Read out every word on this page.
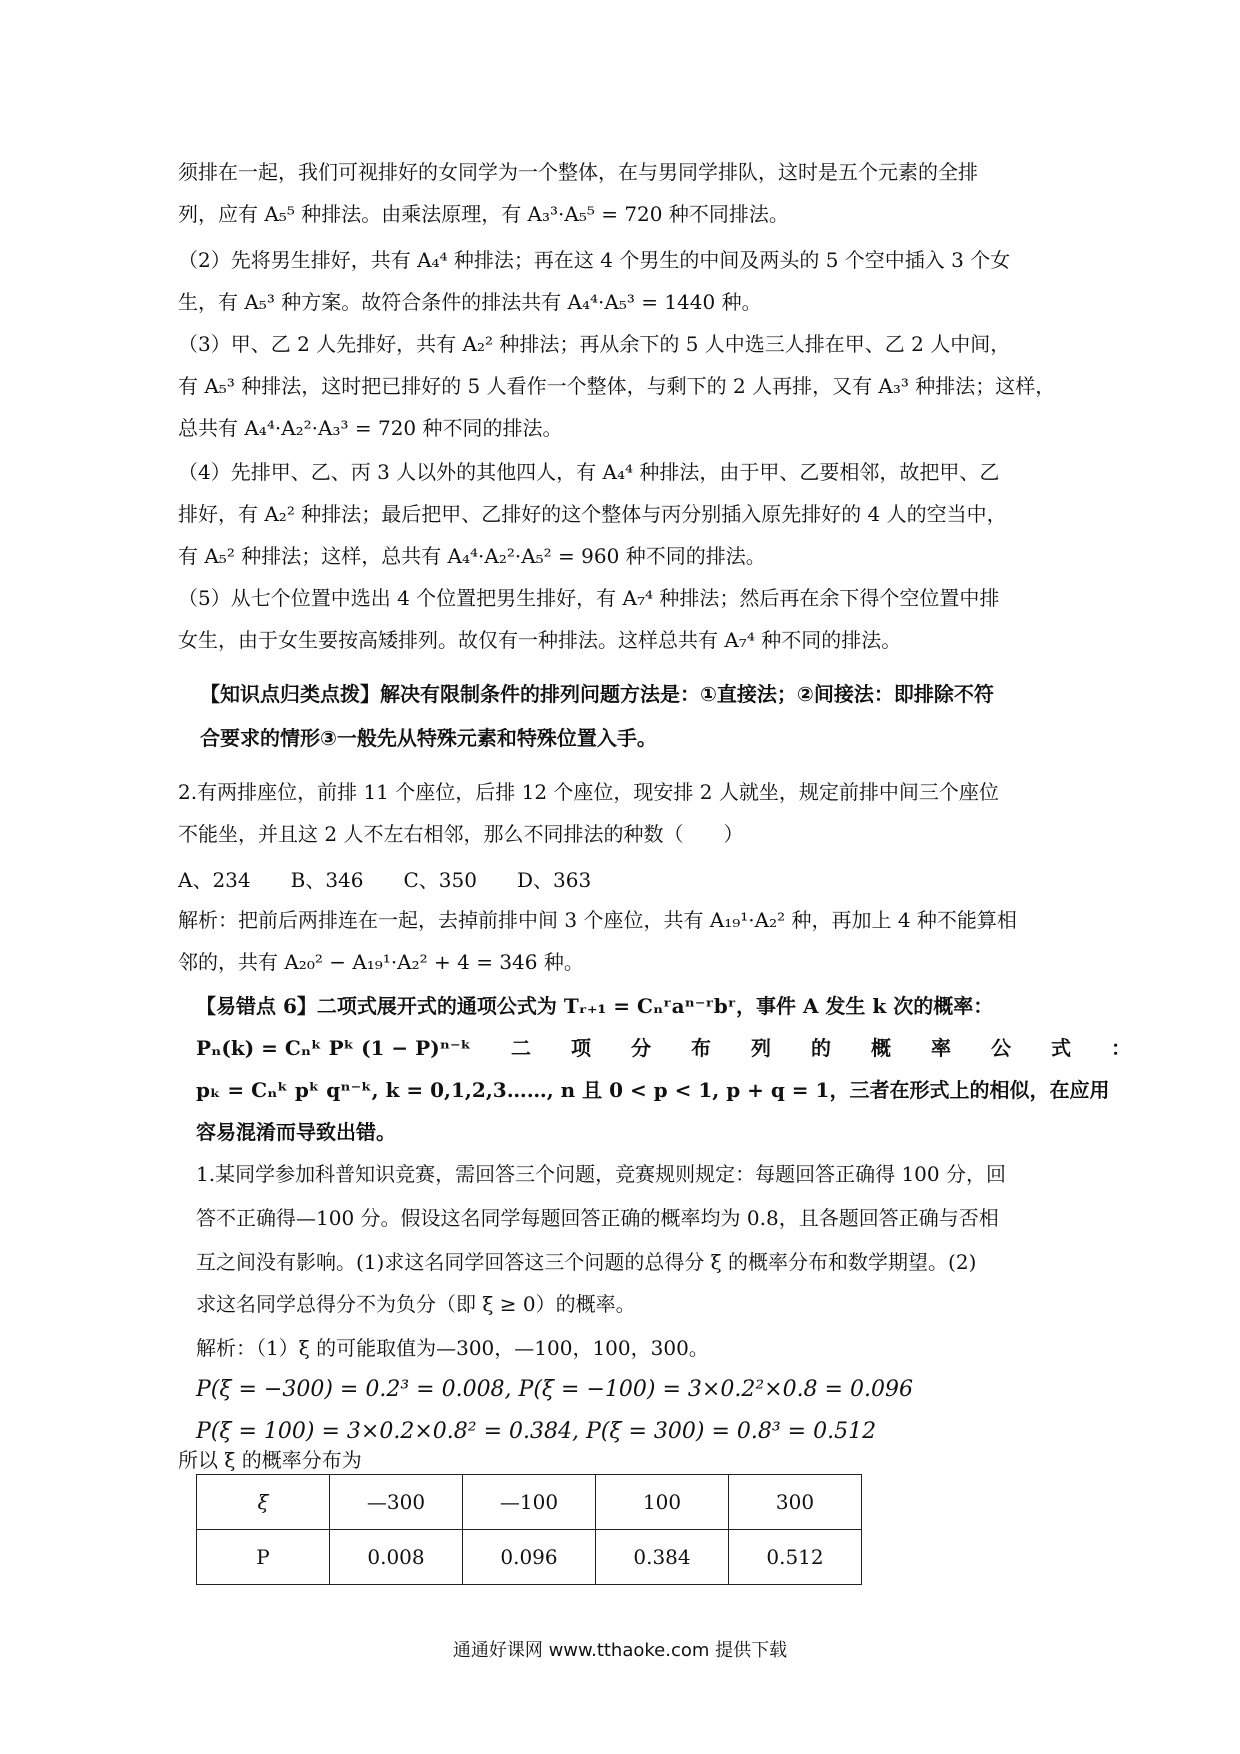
须排在一起，我们可视排好的女同学为一个整体，在与男同学排队，这时是五个元素的全排
列，应有 A₅⁵ 种排法。由乘法原理，有 A₃³·A₅⁵ = 720 种不同排法。
（2）先将男生排好，共有 A₄⁴ 种排法；再在这 4 个男生的中间及两头的 5 个空中插入 3 个女
生，有 A₅³ 种方案。故符合条件的排法共有 A₄⁴·A₅³ = 1440 种。
（3）甲、乙 2 人先排好，共有 A₂² 种排法；再从余下的 5 人中选三人排在甲、乙 2 人中间，
有 A₅³ 种排法，这时把已排好的 5 人看作一个整体，与剩下的 2 人再排，又有 A₃³ 种排法；这样，
总共有 A₄⁴·A₂²·A₃³ = 720 种不同的排法。
（4）先排甲、乙、丙 3 人以外的其他四人，有 A₄⁴ 种排法，由于甲、乙要相邻，故把甲、乙
排好，有 A₂² 种排法；最后把甲、乙排好的这个整体与丙分别插入原先排好的 4 人的空当中，
有 A₅² 种排法；这样，总共有 A₄⁴·A₂²·A₅² = 960 种不同的排法。
（5）从七个位置中选出 4 个位置把男生排好，有 A₇⁴ 种排法；然后再在余下得个空位置中排
女生，由于女生要按高矮排列。故仅有一种排法。这样总共有 A₇⁴ 种不同的排法。
【知识点归类点拨】解决有限制条件的排列问题方法是：①直接法；②间接法：即排除不符
合要求的情形③一般先从特殊元素和特殊位置入手。
2.有两排座位，前排 11 个座位，后排 12 个座位，现安排 2 人就坐，规定前排中间三个座位
不能坐，并且这 2 人不左右相邻，那么不同排法的种数（　　）
A、234　　B、346　　C、350　　D、363
解析：把前后两排连在一起，去掉前排中间 3 个座位，共有 A₁₉¹·A₂² 种，再加上 4 种不能算相
邻的，共有 A₂₀² − A₁₉¹·A₂² + 4 = 346 种。
【易错点 6】二项式展开式的通项公式为 Tᵣ₊₁ = Cₙʳaⁿ⁻ʳbʳ，事件 A 发生 k 次的概率：
Pₙ(k) = Cₙᵏ Pᵏ (1 − P)ⁿ⁻ᵏ　　二　　项　　分　　布　　列　　的　　概　　率　　公　　式　　：
pₖ = Cₙᵏ pᵏ qⁿ⁻ᵏ, k = 0,1,2,3……, n 且 0 < p < 1, p + q = 1，三者在形式上的相似，在应用
容易混淆而导致出错。
1.某同学参加科普知识竞赛，需回答三个问题，竞赛规则规定：每题回答正确得 100 分，回
答不正确得—100 分。假设这名同学每题回答正确的概率均为 0.8，且各题回答正确与否相
互之间没有影响。(1)求这名同学回答这三个问题的总得分 ξ 的概率分布和数学期望。(2)
求这名同学总得分不为负分（即 ξ ≥ 0）的概率。
解析：（1）ξ 的可能取值为—300，—100，100，300。
P(ξ = −300) = 0.2³ = 0.008, P(ξ = −100) = 3×0.2²×0.8 = 0.096
P(ξ = 100) = 3×0.2×0.8² = 0.384, P(ξ = 300) = 0.8³ = 0.512
所以 ξ 的概率分布为
ξ	—300	—100	100	300
P	0.008	0.096	0.384	0.512
通通好课网 www.tthaoke.com 提供下载
